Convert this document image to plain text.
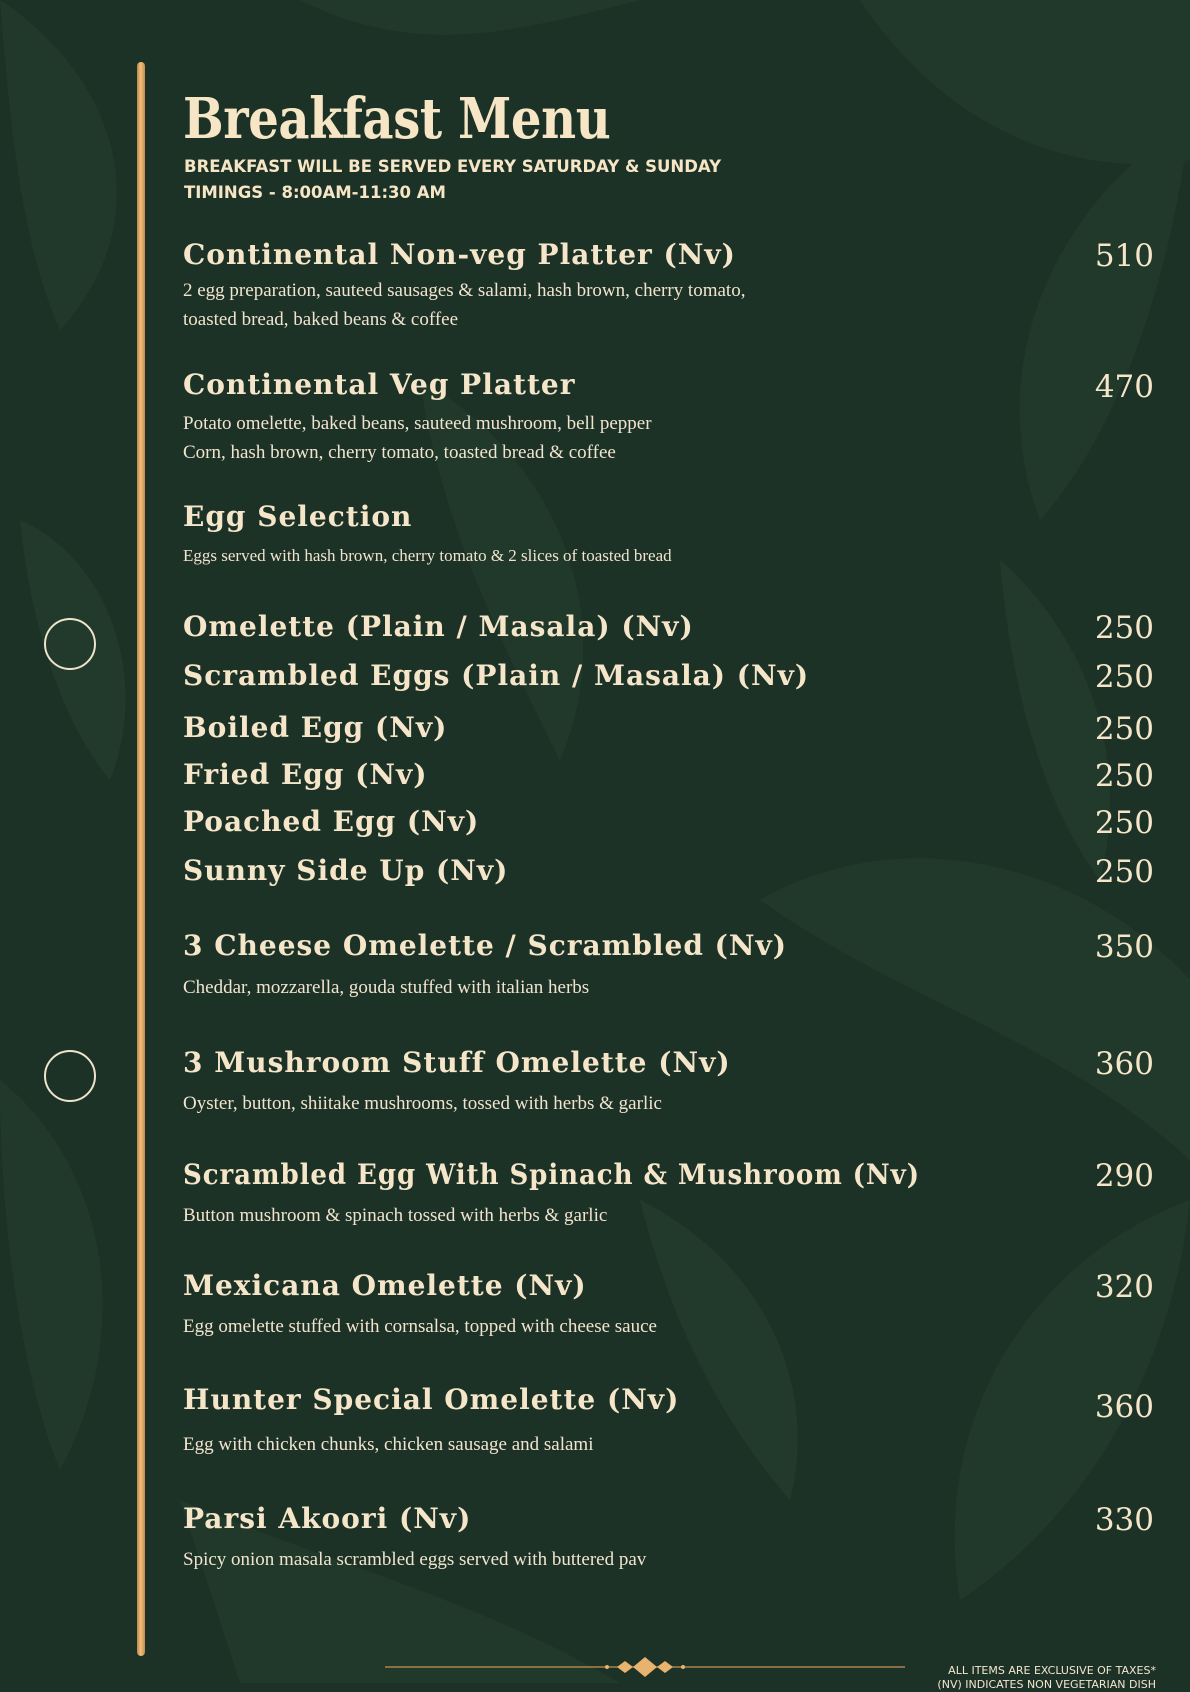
Breakfast Menu
BREAKFAST WILL BE SERVED EVERY SATURDAY & SUNDAY
TIMINGS - 8:00AM-11:30 AM
Continental Non-veg Platter (Nv)	510
2 egg preparation, sauteed sausages & salami, hash brown, cherry tomato,
toasted bread, baked beans & coffee
Continental Veg Platter	470
Potato omelette, baked beans, sauteed mushroom, bell pepper
Corn, hash brown, cherry tomato, toasted bread & coffee
Egg Selection
Eggs served with hash brown, cherry tomato & 2 slices of toasted bread
Omelette (Plain / Masala) (Nv)	250
Scrambled Eggs (Plain / Masala) (Nv)	250
Boiled Egg (Nv)	250
Fried Egg (Nv)	250
Poached Egg (Nv)	250
Sunny Side Up (Nv)	250
3 Cheese Omelette / Scrambled (Nv)	350
Cheddar, mozzarella, gouda stuffed with italian herbs
3 Mushroom Stuff Omelette (Nv)	360
Oyster, button, shiitake mushrooms, tossed with herbs & garlic
Scrambled Egg With Spinach & Mushroom (Nv)	290
Button mushroom & spinach tossed with herbs & garlic
Mexicana Omelette (Nv)	320
Egg omelette stuffed with cornsalsa, topped with cheese sauce
Hunter Special Omelette (Nv)	360
Egg with chicken chunks, chicken sausage and salami
Parsi Akoori (Nv)	330
Spicy onion masala scrambled eggs served with buttered pav
ALL ITEMS ARE EXCLUSIVE OF TAXES*
(NV) INDICATES NON VEGETARIAN DISH
